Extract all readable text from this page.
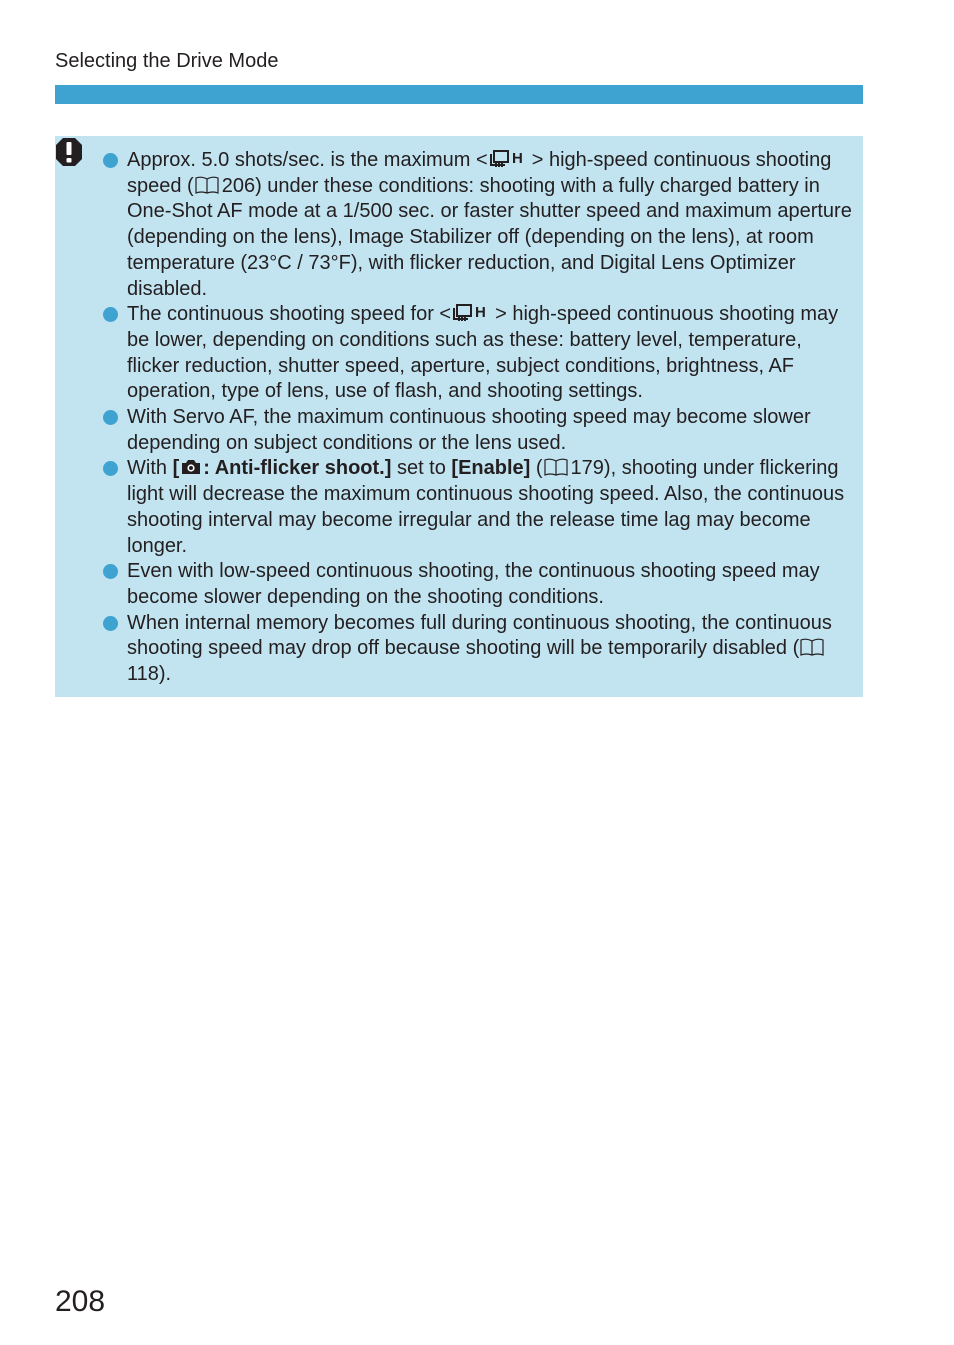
Selecting the Drive Mode
Approx. 5.0 shots/sec. is the maximum < H > high-speed continuous shooting speed ( 206) under these conditions: shooting with a fully charged battery in One-Shot AF mode at a 1/500 sec. or faster shutter speed and maximum aperture (depending on the lens), Image Stabilizer off (depending on the lens), at room temperature (23°C / 73°F), with flicker reduction, and Digital Lens Optimizer disabled.
The continuous shooting speed for < H > high-speed continuous shooting may be lower, depending on conditions such as these: battery level, temperature, flicker reduction, shutter speed, aperture, subject conditions, brightness, AF operation, type of lens, use of flash, and shooting settings.
With Servo AF, the maximum continuous shooting speed may become slower depending on subject conditions or the lens used.
With [ : Anti-flicker shoot.] set to [Enable] ( 179), shooting under flickering light will decrease the maximum continuous shooting speed. Also, the continuous shooting interval may become irregular and the release time lag may become longer.
Even with low-speed continuous shooting, the continuous shooting speed may become slower depending on the shooting conditions.
When internal memory becomes full during continuous shooting, the continuous shooting speed may drop off because shooting will be temporarily disabled (118).
208
